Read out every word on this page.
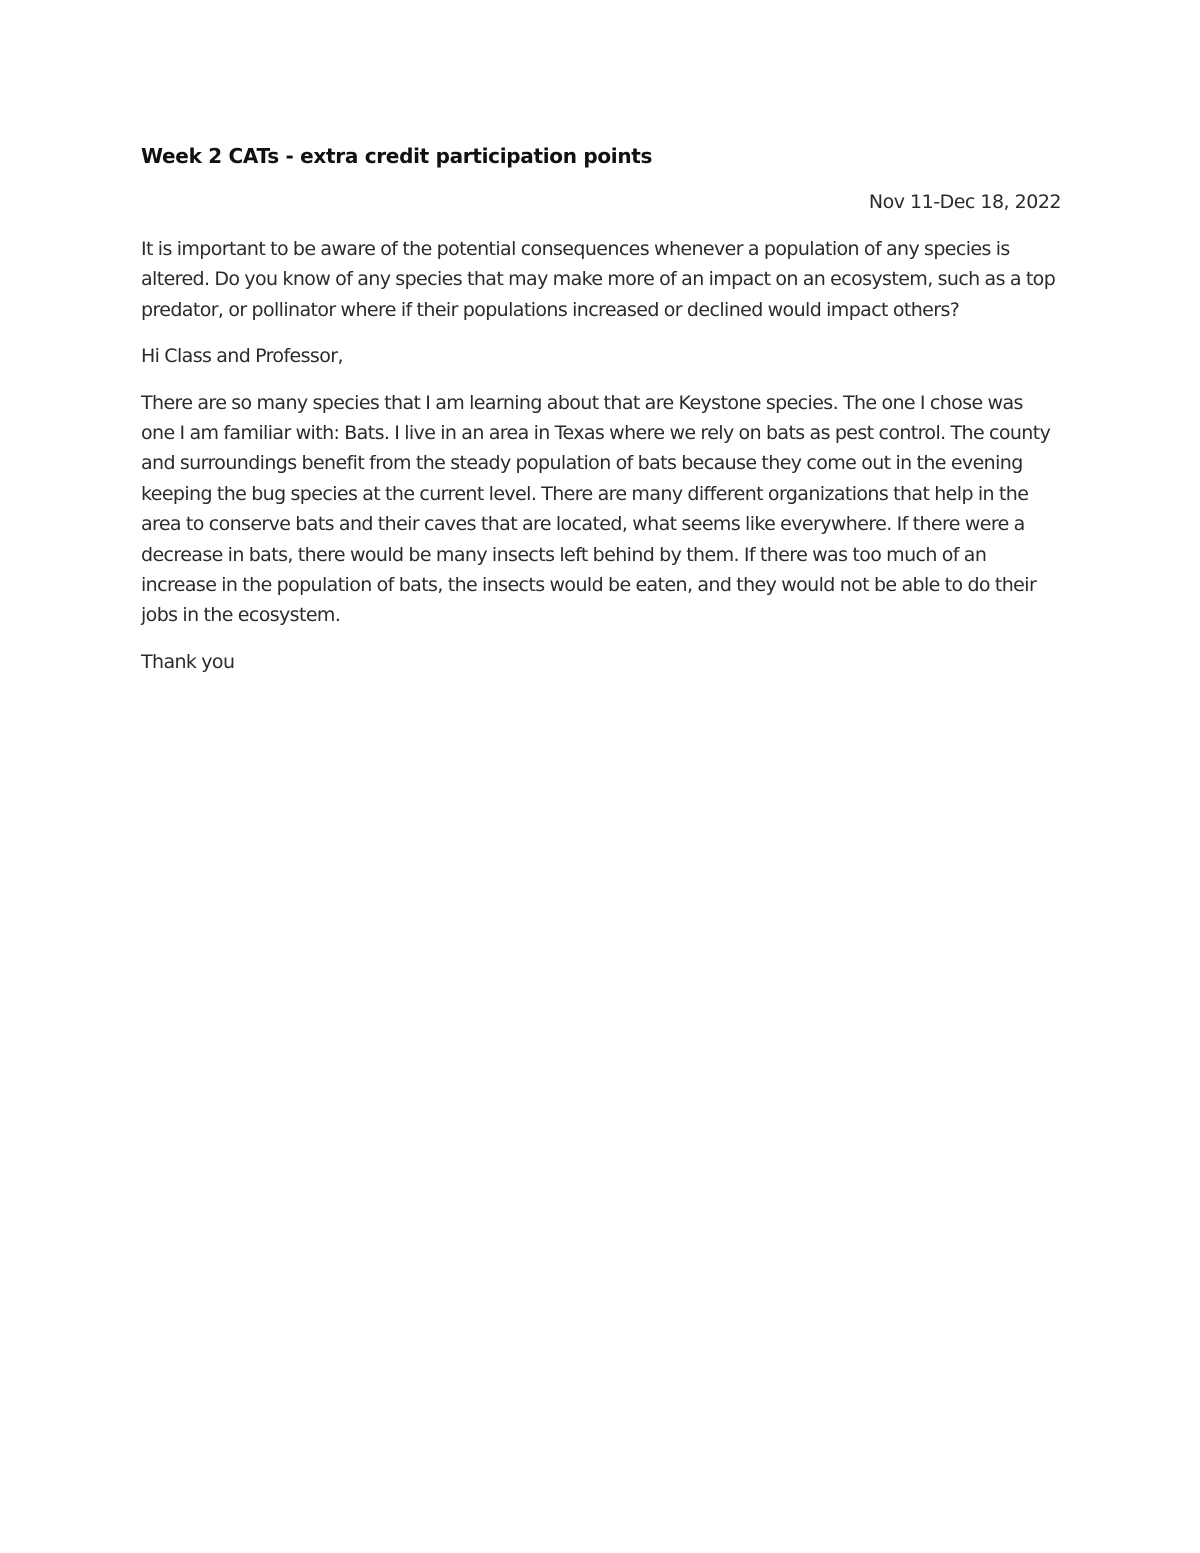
Week 2 CATs - extra credit participation points

Nov 11-Dec 18, 2022

It is important to be aware of the potential consequences whenever a population of any species is altered. Do you know of any species that may make more of an impact on an ecosystem, such as a top predator, or pollinator where if their populations increased or declined would impact others?

Hi Class and Professor,

There are so many species that I am learning about that are Keystone species. The one I chose was one I am familiar with: Bats. I live in an area in Texas where we rely on bats as pest control. The county and surroundings benefit from the steady population of bats because they come out in the evening keeping the bug species at the current level. There are many different organizations that help in the area to conserve bats and their caves that are located, what seems like everywhere. If there were a decrease in bats, there would be many insects left behind by them. If there was too much of an increase in the population of bats, the insects would be eaten, and they would not be able to do their jobs in the ecosystem.

Thank you
